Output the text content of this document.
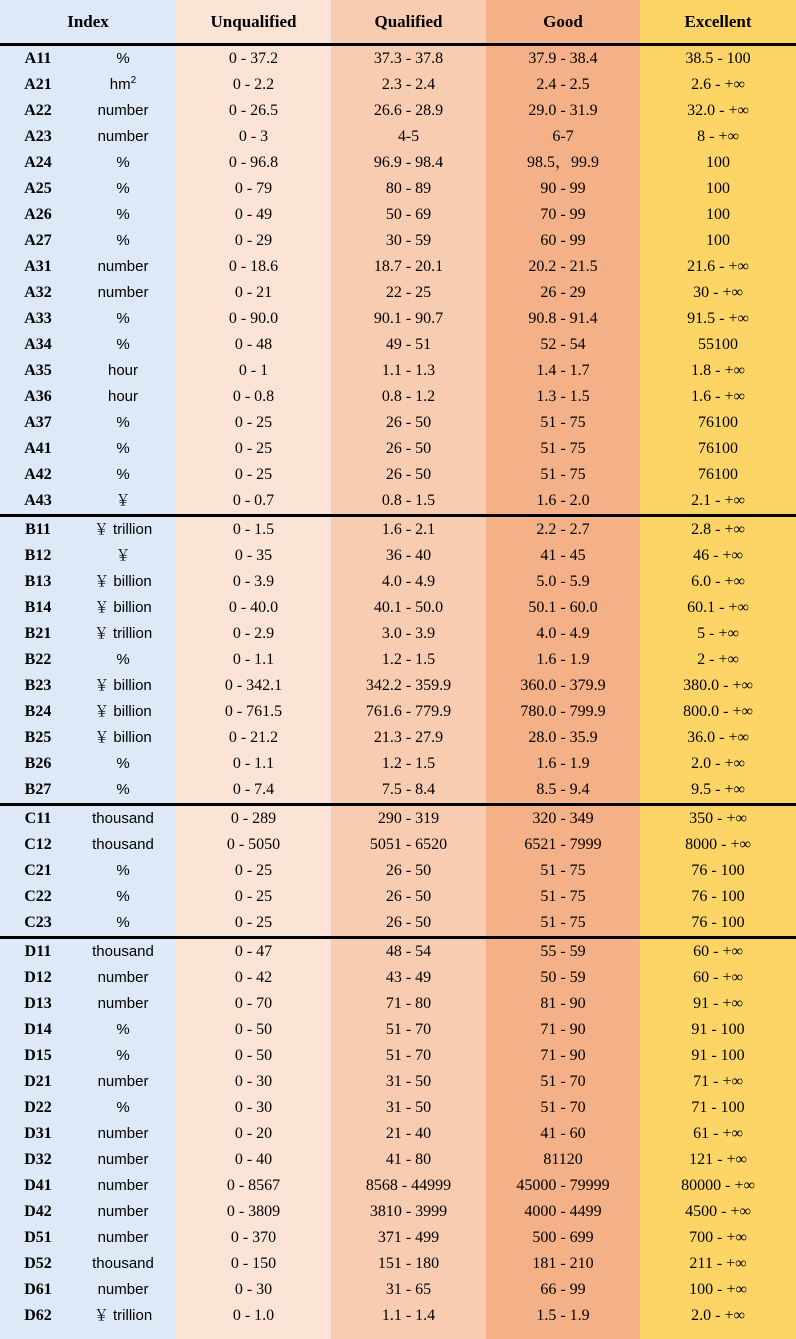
Index		Unqualified	Qualified	Good	Excellent
A11	%	0 - 37.2	37.3 - 37.8	37.9 - 38.4	38.5 - 100
A21	$hm^2$	0 - 2.2	2.3 - 2.4	2.4 - 2.5	2.6 - +∞
A22	number	0 - 26.5	26.6 - 28.9	29.0 - 31.9	32.0 - +∞
A23	number	0 - 3	4-5	6-7	8 - +∞
A24	%	0 - 96.8	96.9 - 98.4	98.5，99.9	100
A25	%	0 - 79	80 - 89	90 - 99	100
A26	%	0 - 49	50 - 69	70 - 99	100
A27	%	0 - 29	30 - 59	60 - 99	100
A31	number	0 - 18.6	18.7 - 20.1	20.2 - 21.5	21.6 - +∞
A32	number	0 - 21	22 - 25	26 - 29	30 - +∞
A33	%	0 - 90.0	90.1 - 90.7	90.8 - 91.4	91.5 - +∞
A34	%	0 - 48	49 - 51	52 - 54	55100
A35	hour	0 - 1	1.1 - 1.3	1.4 - 1.7	1.8 - +∞
A36	hour	0 - 0.8	0.8 - 1.2	1.3 - 1.5	1.6 - +∞
A37	%	0 - 25	26 - 50	51 - 75	76100
A41	%	0 - 25	26 - 50	51 - 75	76100
A42	%	0 - 25	26 - 50	51 - 75	76100
A43	￥	0 - 0.7	0.8 - 1.5	1.6 - 2.0	2.1 - +∞
B11	￥ trillion	0 - 1.5	1.6 - 2.1	2.2 - 2.7	2.8 - +∞
B12	￥	0 - 35	36 - 40	41 - 45	46 - +∞
B13	￥ billion	0 - 3.9	4.0 - 4.9	5.0 - 5.9	6.0 - +∞
B14	￥ billion	0 - 40.0	40.1 - 50.0	50.1 - 60.0	60.1 - +∞
B21	￥ trillion	0 - 2.9	3.0 - 3.9	4.0 - 4.9	5 - +∞
B22	%	0 - 1.1	1.2 - 1.5	1.6 - 1.9	2 - +∞
B23	￥ billion	0 - 342.1	342.2 - 359.9	360.0 - 379.9	380.0 - +∞
B24	￥ billion	0 - 761.5	761.6 - 779.9	780.0 - 799.9	800.0 - +∞
B25	￥ billion	0 - 21.2	21.3 - 27.9	28.0 - 35.9	36.0 - +∞
B26	%	0 - 1.1	1.2 - 1.5	1.6 - 1.9	2.0 - +∞
B27	%	0 - 7.4	7.5 - 8.4	8.5 - 9.4	9.5 - +∞
C11	thousand	0 - 289	290 - 319	320 - 349	350 - +∞
C12	thousand	0 - 5050	5051 - 6520	6521 - 7999	8000 - +∞
C21	%	0 - 25	26 - 50	51 - 75	76 - 100
C22	%	0 - 25	26 - 50	51 - 75	76 - 100
C23	%	0 - 25	26 - 50	51 - 75	76 - 100
D11	thousand	0 - 47	48 - 54	55 - 59	60 - +∞
D12	number	0 - 42	43 - 49	50 - 59	60 - +∞
D13	number	0 - 70	71 - 80	81 - 90	91 - +∞
D14	%	0 - 50	51 - 70	71 - 90	91 - 100
D15	%	0 - 50	51 - 70	71 - 90	91 - 100
D21	number	0 - 30	31 - 50	51 - 70	71 - +∞
D22	%	0 - 30	31 - 50	51 - 70	71 - 100
D31	number	0 - 20	21 - 40	41 - 60	61 - +∞
D32	number	0 - 40	41 - 80	81120	121 - +∞
D41	number	0 - 8567	8568 - 44999	45000 - 79999	80000 - +∞
D42	number	0 - 3809	3810 - 3999	4000 - 4499	4500 - +∞
D51	number	0 - 370	371 - 499	500 - 699	700 - +∞
D52	thousand	0 - 150	151 - 180	181 - 210	211 - +∞
D61	number	0 - 30	31 - 65	66 - 99	100 - +∞
D62	￥ trillion	0 - 1.0	1.1 - 1.4	1.5 - 1.9	2.0 - +∞
